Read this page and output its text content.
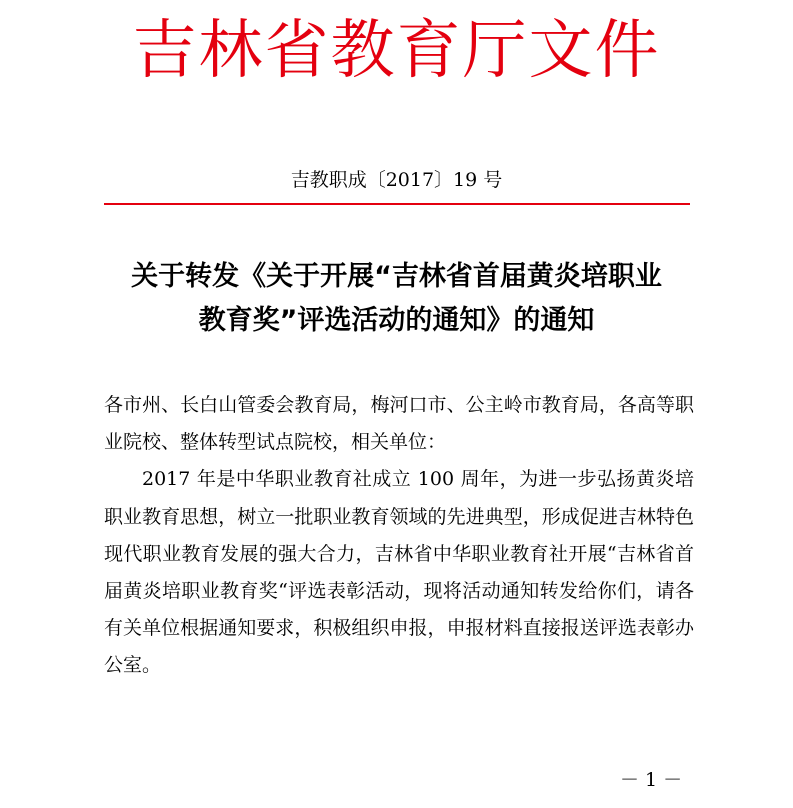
吉林省教育厅文件
吉教职成〔2017〕19 号
关于转发《关于开展“吉林省首届黄炎培职业
教育奖”评选活动的通知》的通知

各市州、长白山管委会教育局，梅河口市、公主岭市教育局，各高等职业院校、整体转型试点院校，相关单位：

2017 年是中华职业教育社成立 100 周年，为进一步弘扬黄炎培职业教育思想，树立一批职业教育领域的先进典型，形成促进吉林特色现代职业教育发展的强大合力，吉林省中华职业教育社开展“吉林省首届黄炎培职业教育奖“评选表彰活动，现将活动通知转发给你们，请各有关单位根据通知要求，积极组织申报，申报材料直接报送评选表彰办公室。

－ 1 －
